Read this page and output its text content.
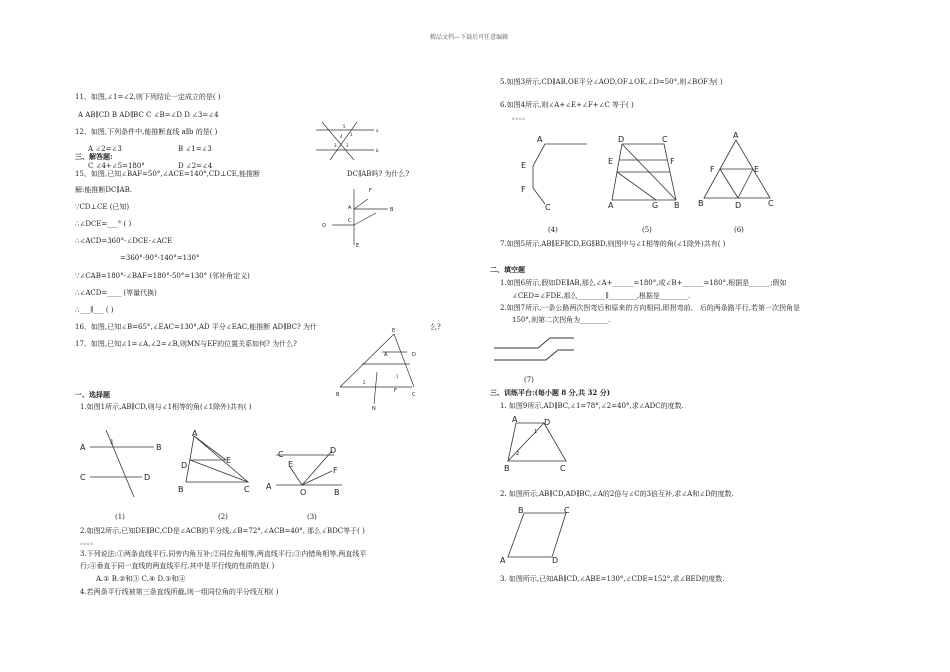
精品文档---下载后可任意编辑
11、如图,∠1=∠2,则下列结论一定成立的是( )
A AB∥CD B AD∥BC C ∠B=∠D D ∠3=∠4
12、如图,下列条件中,能推断直线 a∥b 的是( )
A ∠2=∠3	B ∠1=∠3
C ∠4+∠5=180°	D ∠2=∠4
a
b
5
4
3 2
1
三、解答题:
15、如图,已知∠BAF=50°,∠ACE=140°,CD⊥CE,能推断	DC∥AB吗? 为什么?
解:能推断DC∥AB.
∵CD⊥CE (已知)
∴∠DCE=___° ( )
∴∠ACD=360°-∠DCE-∠ACE
=360°-90°-140°=130°
∵∠CAB=180°-∠BAF=180°-50°=130° (邻补角定义)
∴∠ACD=____ (等量代换)
∴___∥___ ( )
F
B
A
C
O
E
16、如图,已知∠B=65°,∠EAC=130°,AD 平分∠EAC,能推断 AD∥BC? 为什	么?
17、如图,已知∠1=∠A,∠2=∠B,则MN与EF的位置关系如何? 为什么?
E
D
A
B	C
N
2
1
F
一、选择题
1.如图1所示,AB∥CD,则与∠1相等的角(∠1除外)共有( )
A	B
C	D
1
A
D
E
B	C
C	D
E
F
A
O	B
(1)	(2)	(3)
2.如图2所示,已知DE∥BC,CD是∠ACB的平分线,∠B=72°,∠ACB=40°, 那么∠BDC等于( )
。。。。
3.下列说法:①两条直线平行,同旁内角互补;②同位角相等,两直线平行;③内错角相等,两直线平
行;④垂直于同一直线的两直线平行,其中是平行线的性质的是( )
A.① B.②和③ C.④ D.①和④
4.若两条平行线被第三条直线所截,则一组同位角的平分线互相( )
5.如图3所示,CD∥AB,OE平分∠AOD,OF⊥OE,∠D=50°,则∠BOF为( )
6.如图4所示,则∠A+∠E+∠F+∠C 等于( )
。。。。
A
E
F
C
D	C
E	F
A	G B
A
F	E
B	D	C
(4)	(5)	(6)
7.如图5所示,AB∥EF∥CD,EG∥BD,则图中与∠1相等的角(∠1除外)共有( )
二、填空题
1.如图6所示,假如DE∥AB,那么∠A+______=180°,或∠B+______=180°,根据是______;假如
∠CED=∠FDE,那么________∥________,根据是________.
2.如图7所示,一条公路两次拐弯后和原来的方向相同,即拐弯前、 后的两条路平行,若第一次拐角是
150°,则第二次拐角为________.
(7)
三、训练平台:(每小题 8 分,共 32 分)
1. 如图9所示,AD∥BC,∠1=78°,∠2=40°,求∠ADC的度数.
A	D
B	C
1
2
2. 如图所示,AB∥CD,AD∥BC,∠A的2倍与∠C的3倍互补,求∠A和∠D的度数.
B	C
A	D
3. 如图所示,已知AB∥CD,∠ABE=130°,∠CDE=152°,求∠BED的度数.
